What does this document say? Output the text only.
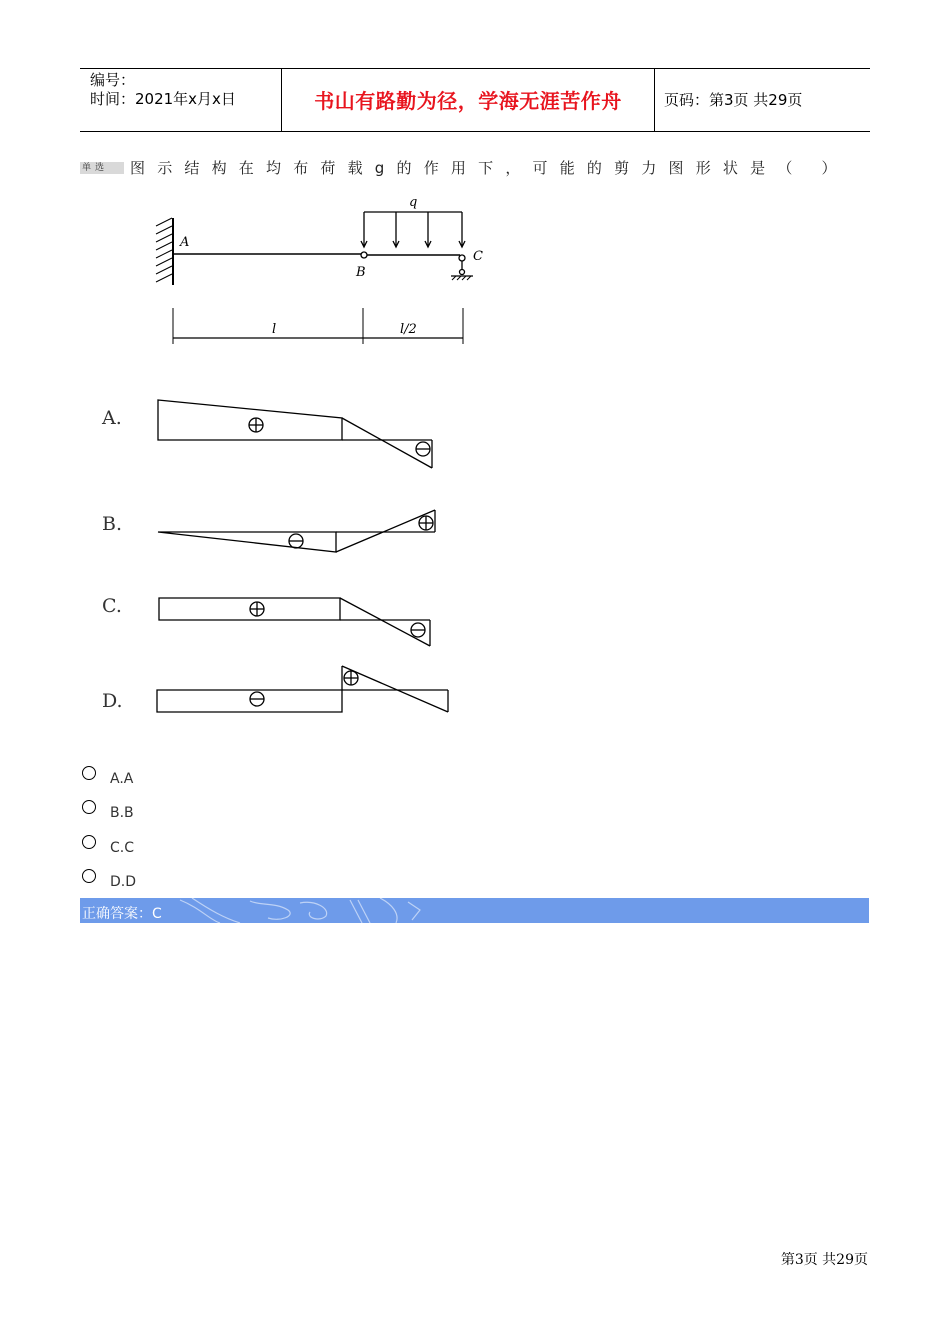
编号：
时间：2021年x月x日	书山有路勤为径，学海无涯苦作舟	页码：第3页 共29页
单选	图示结构在均布荷载g的作用下，可能的剪力图形状是（ ）
q
A
B
C
l	l/2
A.
B.
C.
D.
A.A
B.B
C.C
D.D
正确答案：C
第3页 共29页
